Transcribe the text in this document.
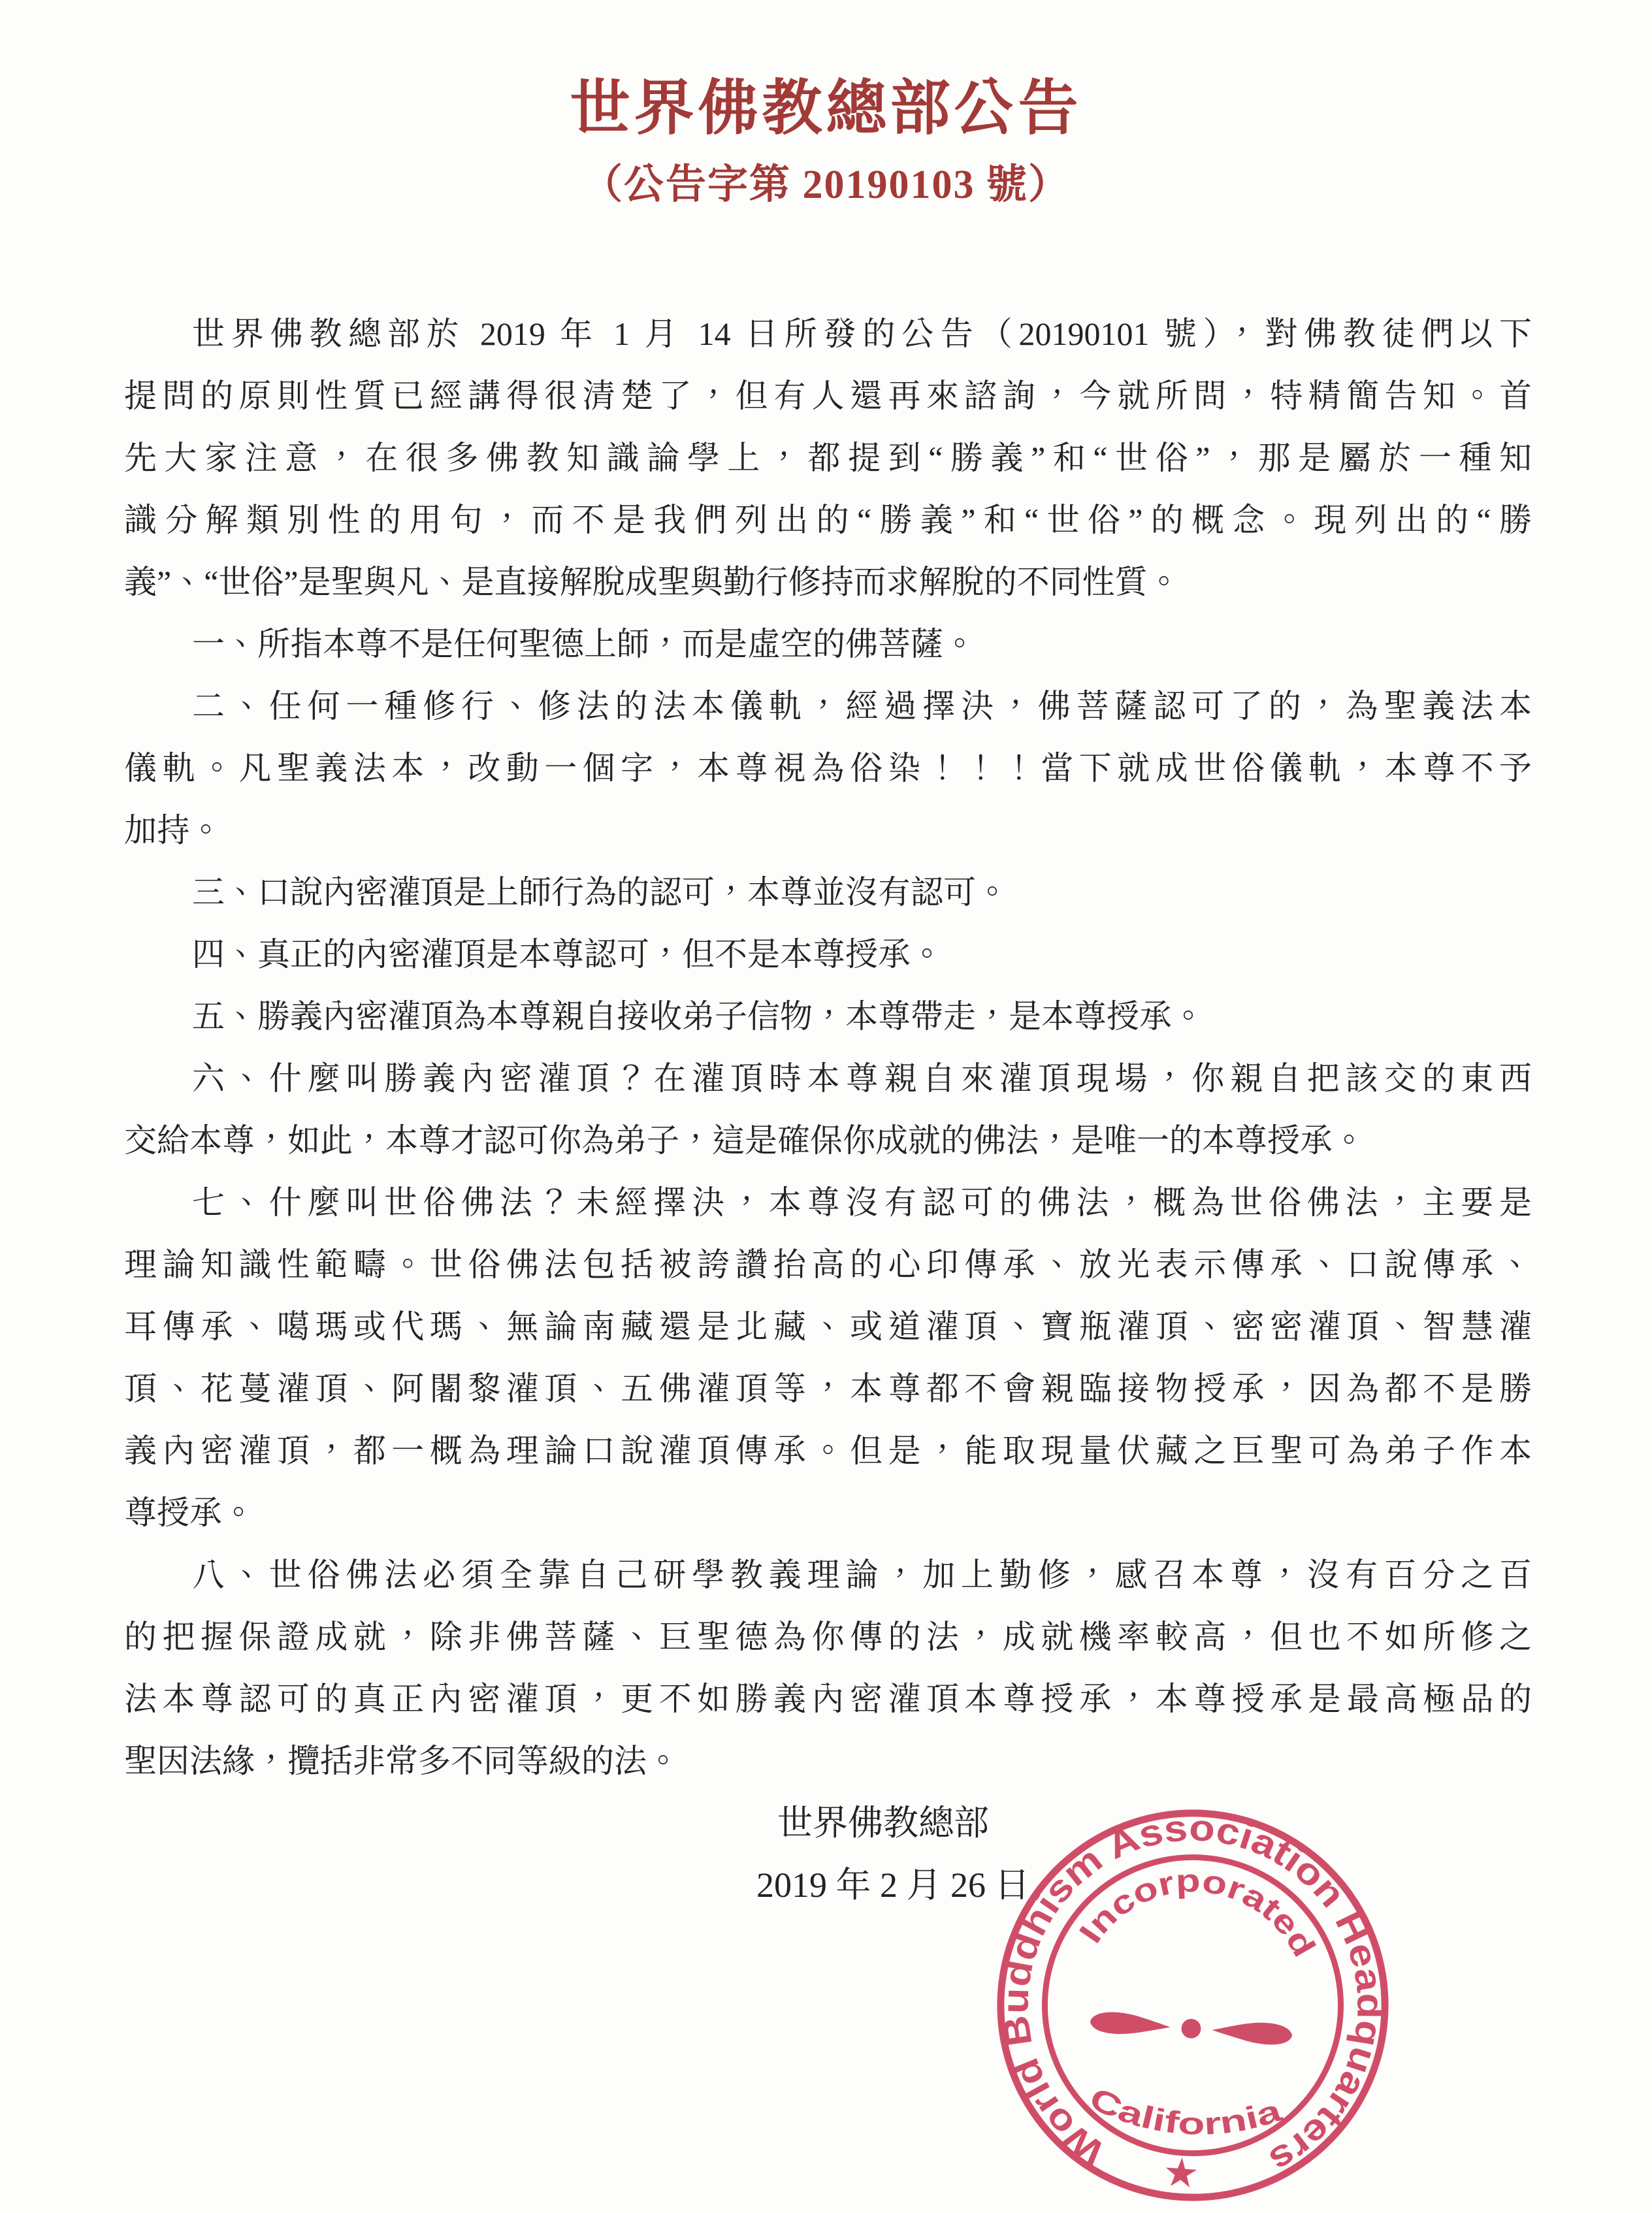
世界佛教總部公告
（公告字第 20190103 號）
世界佛教總部於 2019 年 1 月 14 日所發的公告（20190101 號），對佛教徒們以下
提問的原則性質已經講得很清楚了，但有人還再來諮詢，今就所問，特精簡告知。首
先大家注意，在很多佛教知識論學上，都提到“勝義”和“世俗”，那是屬於一種知
識分解類別性的用句，而不是我們列出的“勝義”和“世俗”的概念。現列出的“勝
義”、“世俗”是聖與凡、是直接解脫成聖與勤行修持而求解脫的不同性質。
一、所指本尊不是任何聖德上師，而是虛空的佛菩薩。
二、任何一種修行、修法的法本儀軌，經過擇決，佛菩薩認可了的，為聖義法本
儀軌。凡聖義法本，改動一個字，本尊視為俗染！！！當下就成世俗儀軌，本尊不予
加持。
三、口說內密灌頂是上師行為的認可，本尊並沒有認可。
四、真正的內密灌頂是本尊認可，但不是本尊授承。
五、勝義內密灌頂為本尊親自接收弟子信物，本尊帶走，是本尊授承。
六、什麼叫勝義內密灌頂？在灌頂時本尊親自來灌頂現場，你親自把該交的東西
交給本尊，如此，本尊才認可你為弟子，這是確保你成就的佛法，是唯一的本尊授承。
七、什麼叫世俗佛法？未經擇決，本尊沒有認可的佛法，概為世俗佛法，主要是
理論知識性範疇。世俗佛法包括被誇讚抬高的心印傳承、放光表示傳承、口說傳承、
耳傳承、噶瑪或代瑪、無論南藏還是北藏、或道灌頂、寶瓶灌頂、密密灌頂、智慧灌
頂、花蔓灌頂、阿闍黎灌頂、五佛灌頂等，本尊都不會親臨接物授承，因為都不是勝
義內密灌頂，都一概為理論口說灌頂傳承。但是，能取現量伏藏之巨聖可為弟子作本
尊授承。
八、世俗佛法必須全靠自己研學教義理論，加上勤修，感召本尊，沒有百分之百
的把握保證成就，除非佛菩薩、巨聖德為你傳的法，成就機率較高，但也不如所修之
法本尊認可的真正內密灌頂，更不如勝義內密灌頂本尊授承，本尊授承是最高極品的
聖因法緣，攬括非常多不同等級的法。
世界佛教總部
2019 年 2 月 26 日
World Buddhism Association Headquarters
Incorporated
California
★
